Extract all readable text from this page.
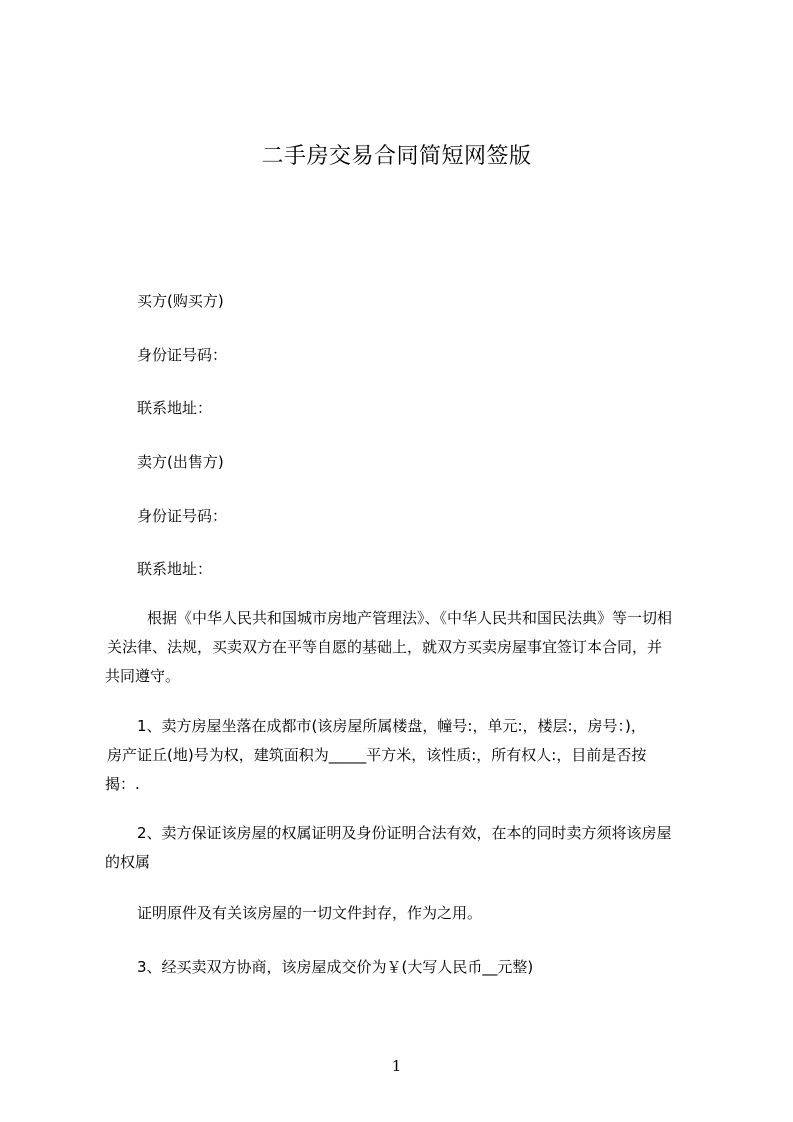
二手房交易合同简短网签版
买方(购买方)
身份证号码：
联系地址：
卖方(出售方)
身份证号码：
联系地址：
根据《中华人民共和国城市房地产管理法》、《中华人民共和国民法典》等一切相
关法律、法规，买卖双方在平等自愿的基础上，就双方买卖房屋事宜签订本合同，并
共同遵守。
1、卖方房屋坐落在成都市(该房屋所属楼盘，幢号:，单元:，楼层:，房号：)，
房产证丘(地)号为权，建筑面积为_____平方米，该性质:，所有权人:，目前是否按
揭：.
2、卖方保证该房屋的权属证明及身份证明合法有效，在本的同时卖方须将该房屋
的权属
证明原件及有关该房屋的一切文件封存，作为之用。
3、经买卖双方协商，该房屋成交价为￥(大写人民币__元整)
1
